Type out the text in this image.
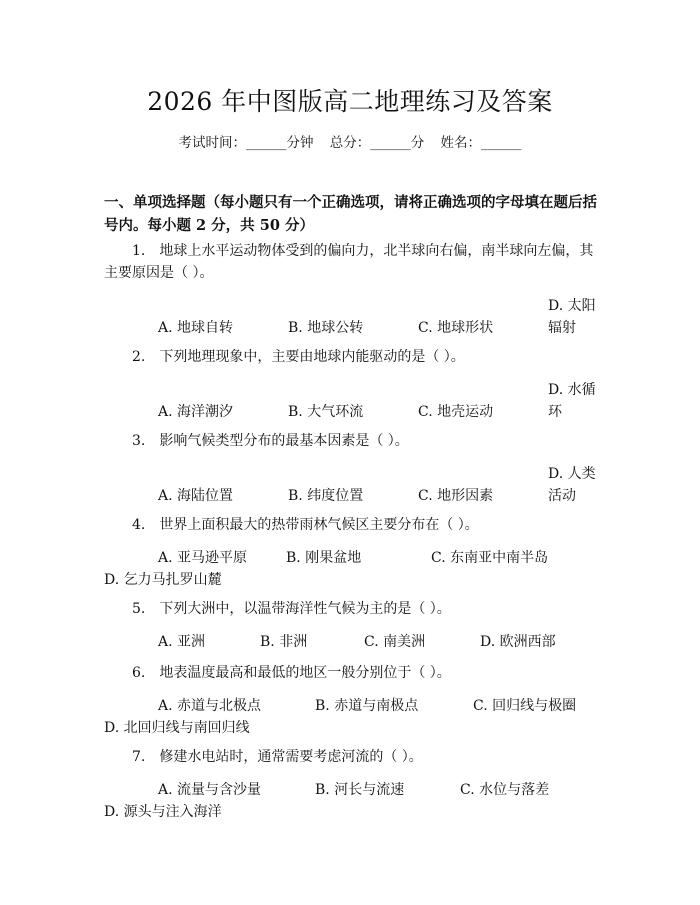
2026 年中图版高二地理练习及答案
考试时间：______分钟 总分：______分 姓名：______
一、单项选择题（每小题只有一个正确选项，请将正确选项的字母填在题后括号内。每小题 2 分，共 50 分）
1.　地球上水平运动物体受到的偏向力，北半球向右偏，南半球向左偏，其主要原因是（ ）。
A. 地球自转	B. 地球公转	C. 地球形状D. 太阳辐射
2.　下列地理现象中，主要由地球内能驱动的是（ ）。
A. 海洋潮汐	B. 大气环流	C. 地壳运动D. 水循环
3.　影响气候类型分布的最基本因素是（ ）。
A. 海陆位置	B. 纬度位置	C. 地形因素D. 人类活动
4.　世界上面积最大的热带雨林气候区主要分布在（ ）。
A. 亚马逊平原	B. 刚果盆地	C. 东南亚中南半岛D. 乞力马扎罗山麓
5.　下列大洲中，以温带海洋性气候为主的是（ ）。
A. 亚洲	B. 非洲	C. 南美洲	D. 欧洲西部
6.　地表温度最高和最低的地区一般分别位于（ ）。
A. 赤道与北极点	B. 赤道与南极点	C. 回归线与极圈D. 北回归线与南回归线
7.　修建水电站时，通常需要考虑河流的（ ）。
A. 流量与含沙量	B. 河长与流速	C. 水位与落差D. 源头与注入海洋
